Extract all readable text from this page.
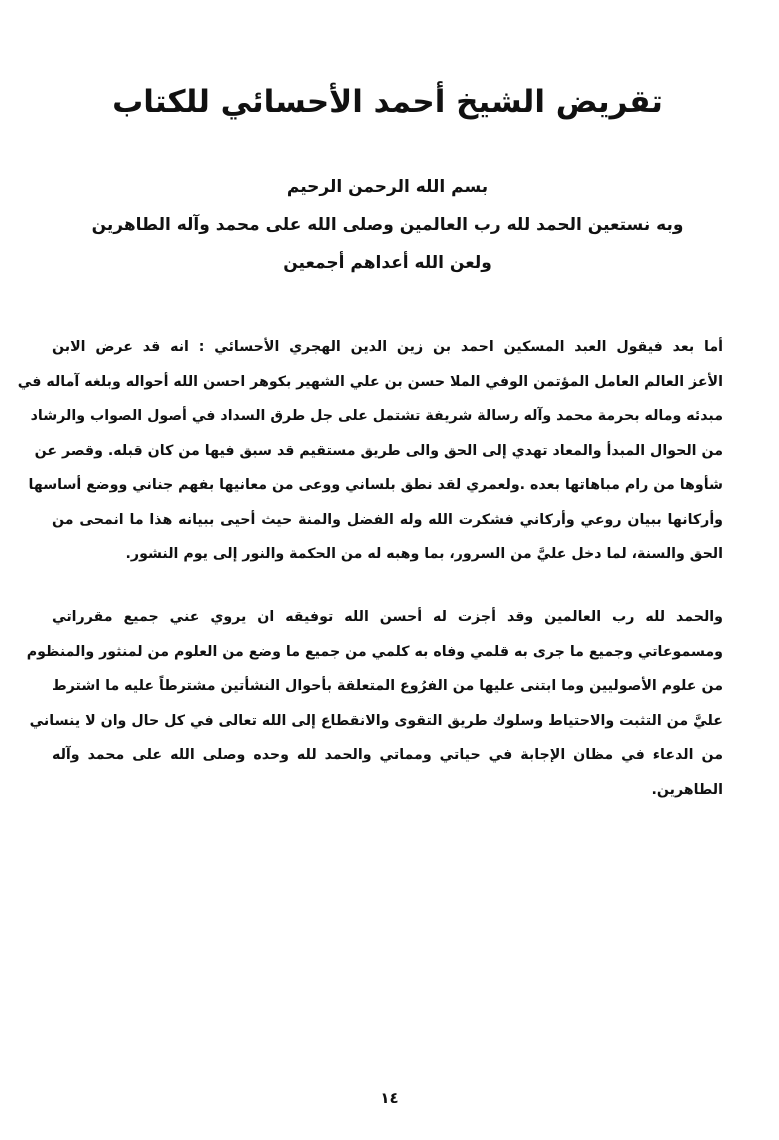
تقريض الشيخ أحمد الأحسائي للكتاب
بسم الله الرحمن الرحيم
وبه نستعين الحمد لله رب العالمين وصلى الله على محمد وآله الطاهرين
ولعن الله أعداهم أجمعين

أما بعد فيقول العبد المسكين احمد بن زين الدين الهجري الأحسائي : انه قد عرض الابن
الأعز العالم العامل المؤتمن الوفي الملا حسن بن علي الشهير بكوهر احسن الله أحواله وبلغه آماله في
مبدئه وماله بحرمة محمد وآله رسالة شريفة تشتمل على جل طرق السداد في أصول الصواب والرشاد
من الحوال المبدأ والمعاد تهدي إلى الحق والى طريق مستقيم قد سبق فيها من كان قبله. وقصر عن
شأوها من رام مباهاتها بعده .ولعمري لقد نطق بلساني ووعى من معانيها بفهم جناني ووضع أساسها
وأركانها ببيان روعي وأركاني فشكرت الله وله الفضل والمنة حيث أحيى ببيانه هذا ما انمحى من
الحق والسنة، لما دخل عليَّ من السرور، بما وهبه له من الحكمة والنور إلى يوم النشور.

والحمد لله رب العالمين وقد أجزت له أحسن الله توفيقه ان يروي عني جميع مقرراتي
ومسموعاتي وجميع ما جرى به قلمي وفاه به كلمي من جميع ما وضع من العلوم من لمنثور والمنظوم
من علوم الأصوليين وما ابتنى عليها من الفرُوع المتعلقة بأحوال النشأتين مشترطاً عليه ما اشترط
عليَّ من التثبت والاحتياط وسلوك طريق التقوى والانقطاع إلى الله تعالى في كل حال وان لا ينساني
من الدعاء في مظان الإجابة في حياتي ومماتي والحمد لله وحده وصلى الله على محمد وآله
الطاهرين.

١٤
